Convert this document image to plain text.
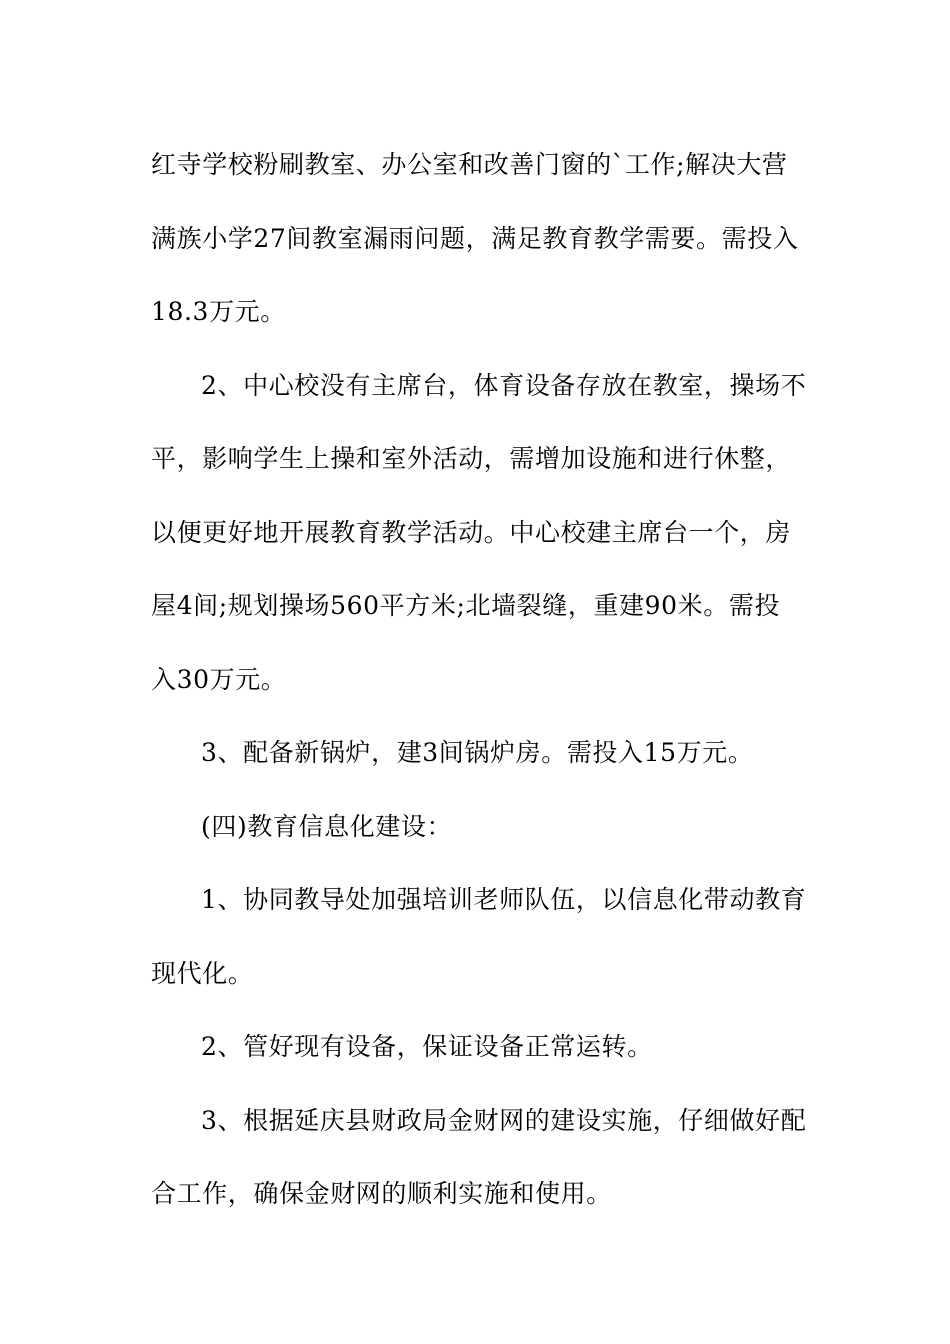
红寺学校粉刷教室、办公室和改善门窗的`工作;解决大营
满族小学27间教室漏雨问题，满足教育教学需要。需投入
18.3万元。
2、中心校没有主席台，体育设备存放在教室，操场不
平，影响学生上操和室外活动，需增加设施和进行休整，
以便更好地开展教育教学活动。中心校建主席台一个，房
屋4间;规划操场560平方米;北墙裂缝，重建90米。需投
入30万元。
3、配备新锅炉，建3间锅炉房。需投入15万元。
(四)教育信息化建设：
1、协同教导处加强培训老师队伍，以信息化带动教育
现代化。
2、管好现有设备，保证设备正常运转。
3、根据延庆县财政局金财网的建设实施，仔细做好配
合工作，确保金财网的顺利实施和使用。
